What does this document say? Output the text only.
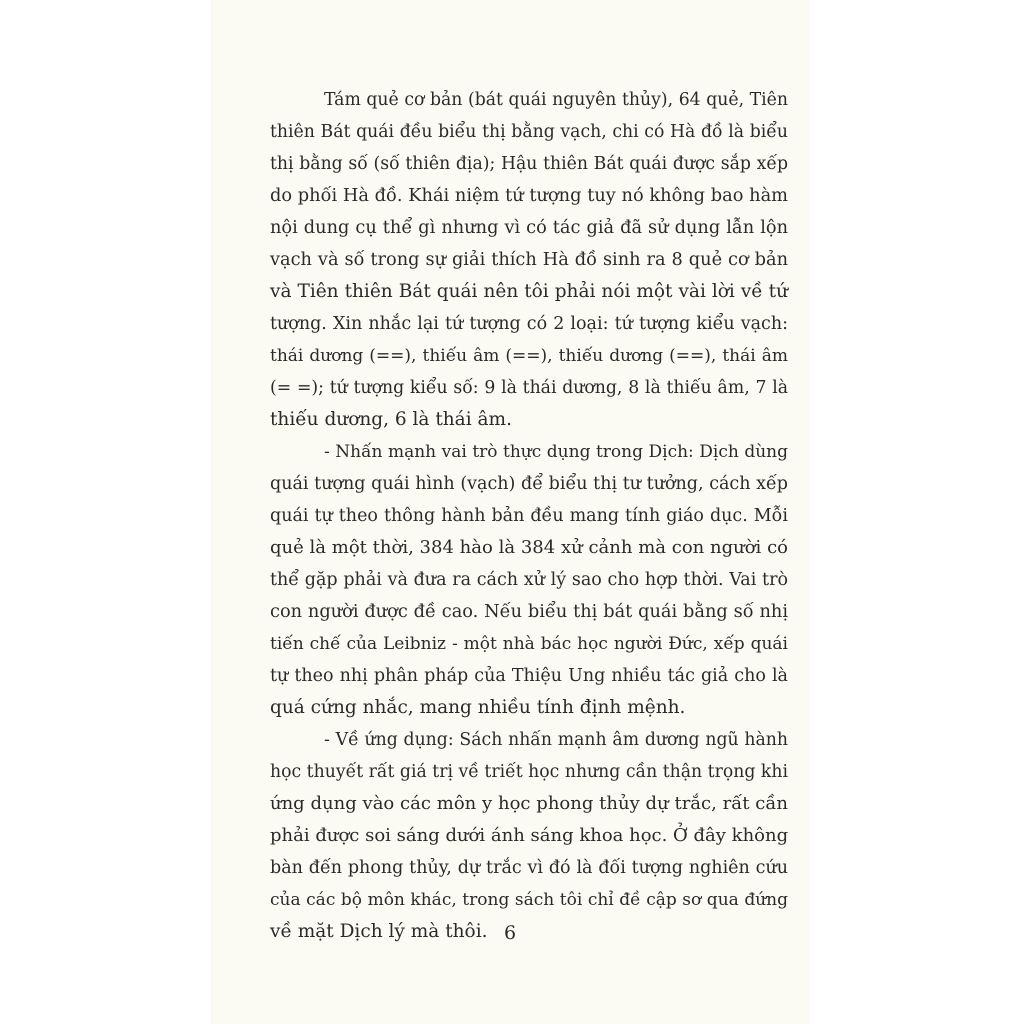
Tám quẻ cơ bản (bát quái nguyên thủy), 64 quẻ, Tiên
thiên Bát quái đều biểu thị bằng vạch, chi có Hà đồ là biểu
thị bằng số (số thiên địa); Hậu thiên Bát quái được sắp xếp
do phối Hà đồ. Khái niệm tứ tượng tuy nó không bao hàm
nội dung cụ thể gì nhưng vì có tác giả đã sử dụng lẫn lộn
vạch và số trong sự giải thích Hà đồ sinh ra 8 quẻ cơ bản
và Tiên thiên Bát quái nên tôi phải nói một vài lời về tứ
tượng. Xin nhắc lại tứ tượng có 2 loại: tứ tượng kiểu vạch:
thái dương (==), thiếu âm (==), thiếu dương (==), thái âm
(= =); tứ tượng kiểu số: 9 là thái dương, 8 là thiếu âm, 7 là
thiếu dương, 6 là thái âm.
- Nhấn mạnh vai trò thực dụng trong Dịch: Dịch dùng
quái tượng quái hình (vạch) để biểu thị tư tưởng, cách xếp
quái tự theo thông hành bản đều mang tính giáo dục. Mỗi
quẻ là một thời, 384 hào là 384 xử cảnh mà con người có
thể gặp phải và đưa ra cách xử lý sao cho hợp thời. Vai trò
con người được đề cao. Nếu biểu thị bát quái bằng số nhị
tiến chế của Leibniz - một nhà bác học người Đức, xếp quái
tự theo nhị phân pháp của Thiệu Ung nhiều tác giả cho là
quá cứng nhắc, mang nhiều tính định mệnh.
- Về ứng dụng: Sách nhấn mạnh âm dương ngũ hành
học thuyết rất giá trị về triết học nhưng cần thận trọng khi
ứng dụng vào các môn y học phong thủy dự trắc, rất cần
phải được soi sáng dưới ánh sáng khoa học. Ở đây không
bàn đến phong thủy, dự trắc vì đó là đối tượng nghiên cứu
của các bộ môn khác, trong sách tôi chỉ đề cập sơ qua đứng
về mặt Dịch lý mà thôi. 6
